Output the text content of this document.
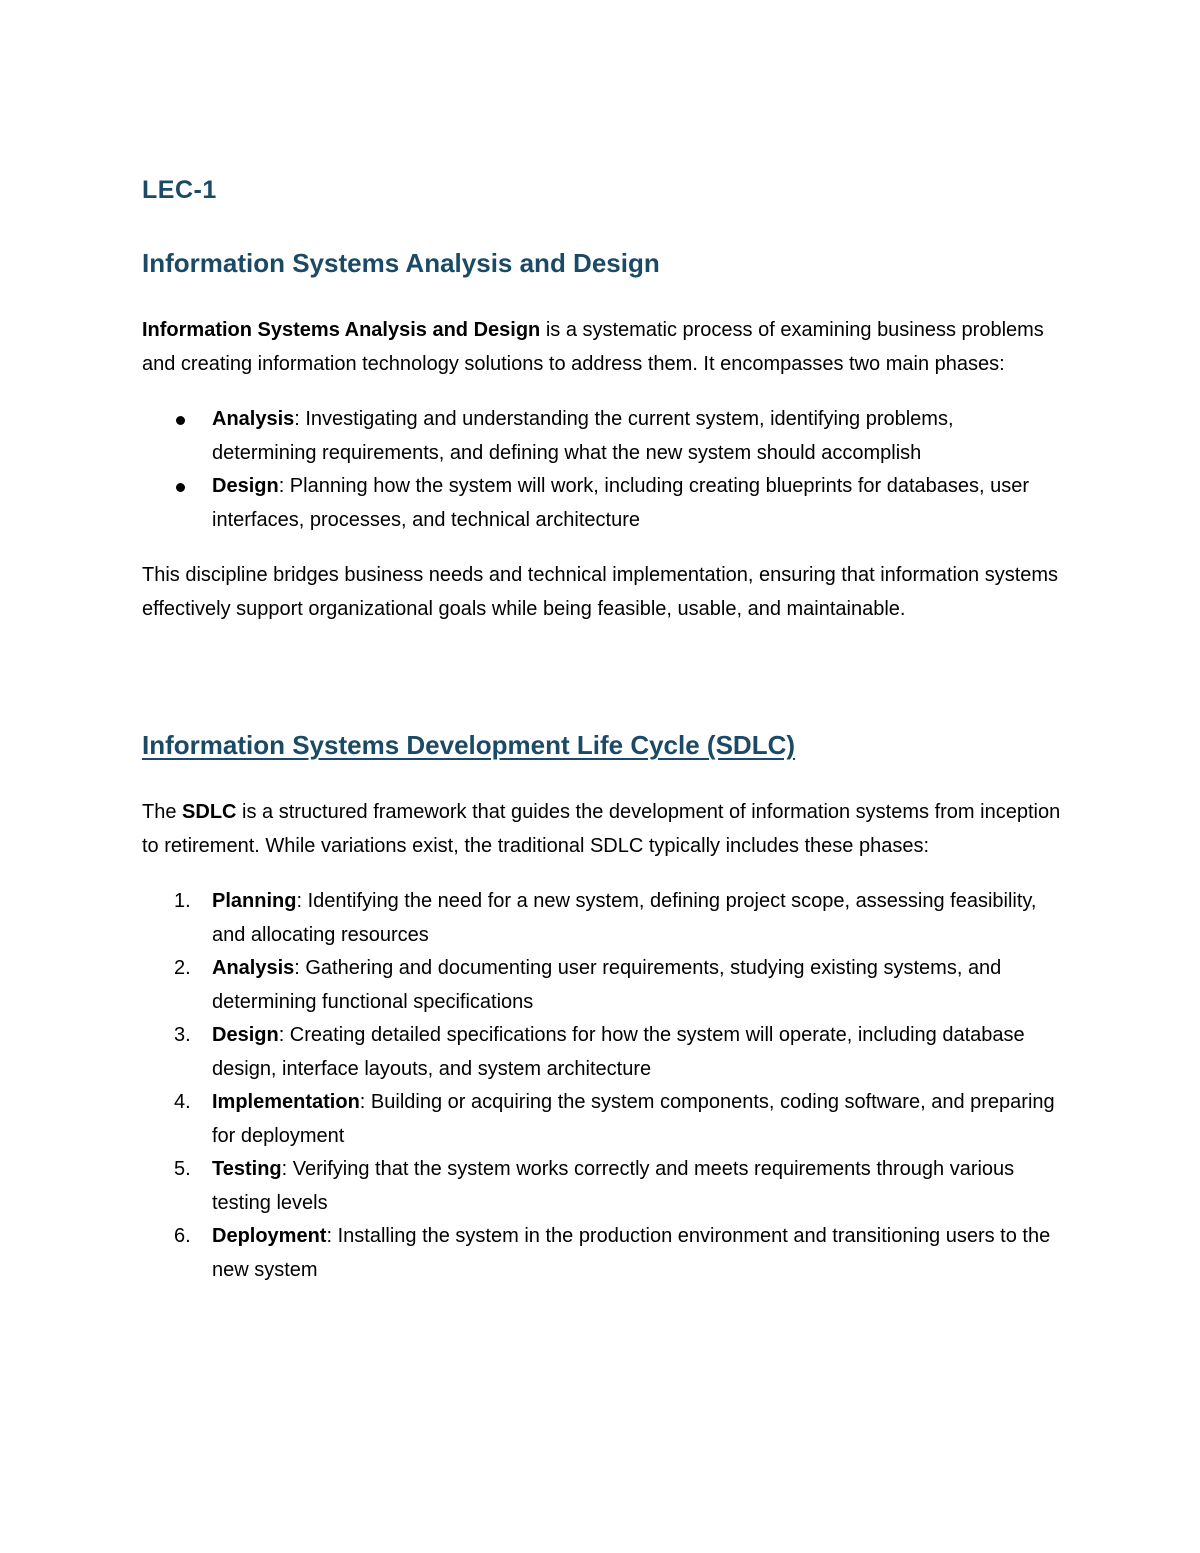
LEC-1
Information Systems Analysis and Design

Information Systems Analysis and Design is a systematic process of examining business problems and creating information technology solutions to address them. It encompasses two main phases:

Analysis: Investigating and understanding the current system, identifying problems, determining requirements, and defining what the new system should accomplish
Design: Planning how the system will work, including creating blueprints for databases, user interfaces, processes, and technical architecture

This discipline bridges business needs and technical implementation, ensuring that information systems effectively support organizational goals while being feasible, usable, and maintainable.

Information Systems Development Life Cycle (SDLC)

The SDLC is a structured framework that guides the development of information systems from inception to retirement. While variations exist, the traditional SDLC typically includes these phases:

1. Planning: Identifying the need for a new system, defining project scope, assessing feasibility, and allocating resources
2. Analysis: Gathering and documenting user requirements, studying existing systems, and determining functional specifications
3. Design: Creating detailed specifications for how the system will operate, including database design, interface layouts, and system architecture
4. Implementation: Building or acquiring the system components, coding software, and preparing for deployment
5. Testing: Verifying that the system works correctly and meets requirements through various testing levels
6. Deployment: Installing the system in the production environment and transitioning users to the new system
